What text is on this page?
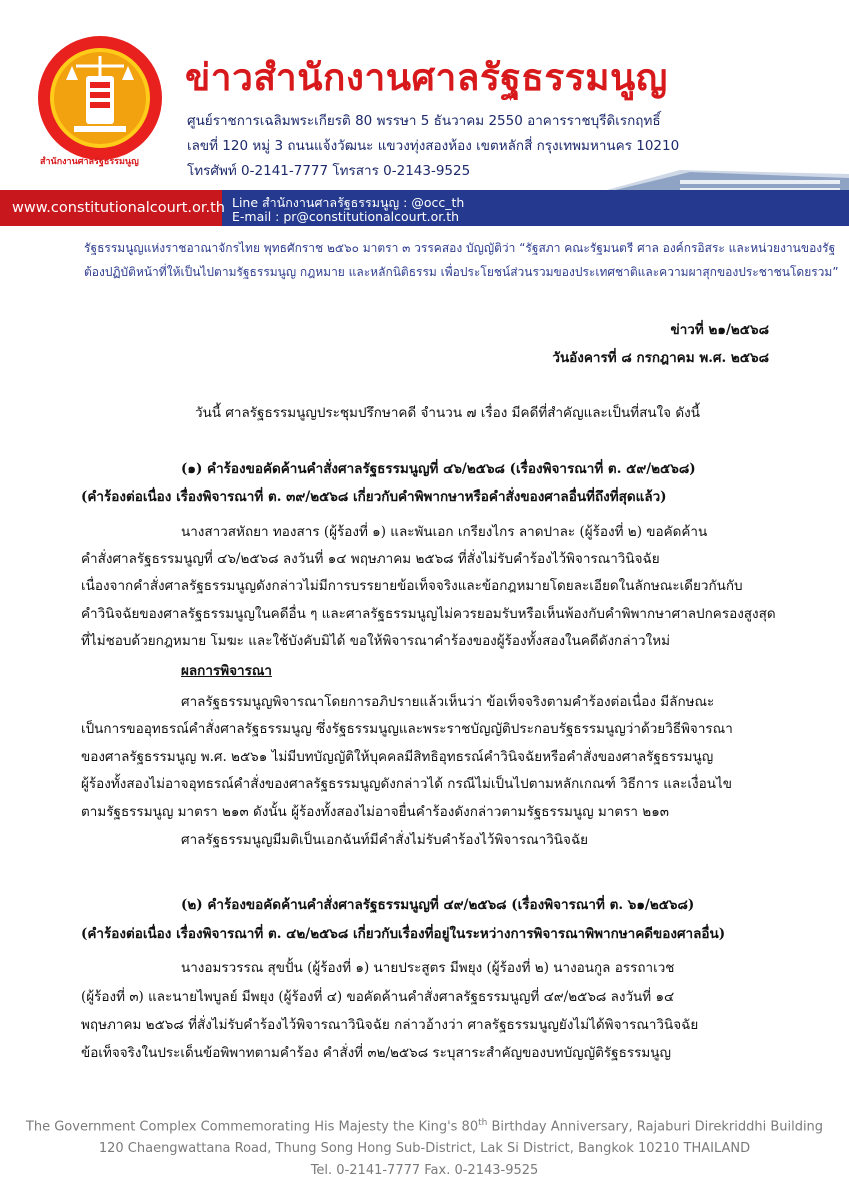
สำนักงานศาลรัฐธรรมนูญ
ข่าวสำนักงานศาลรัฐธรรมนูญ
ศูนย์ราชการเฉลิมพระเกียรติ 80 พรรษา 5 ธันวาคม 2550 อาคารราชบุรีดิเรกฤทธิ์
เลขที่ 120 หมู่ 3 ถนนแจ้งวัฒนะ แขวงทุ่งสองห้อง เขตหลักสี่ กรุงเทพมหานคร 10210
โทรศัพท์ 0-2141-7777 โทรสาร 0-2143-9525
www.constitutionalcourt.or.th Line สำนักงานศาลรัฐธรรมนูญ : @occ_th
E-mail : pr@constitutionalcourt.or.th
รัฐธรรมนูญแห่งราชอาณาจักรไทย พุทธศักราช ๒๕๖๐ มาตรา ๓ วรรคสอง บัญญัติว่า “รัฐสภา คณะรัฐมนตรี ศาล องค์กรอิสระ และหน่วยงานของรัฐ
ต้องปฏิบัติหน้าที่ให้เป็นไปตามรัฐธรรมนูญ กฎหมาย และหลักนิติธรรม เพื่อประโยชน์ส่วนรวมของประเทศชาติและความผาสุกของประชาชนโดยรวม”
ข่าวที่ ๒๑/๒๕๖๘
วันอังคารที่ ๘ กรกฎาคม พ.ศ. ๒๕๖๘
วันนี้ ศาลรัฐธรรมนูญประชุมปรึกษาคดี จำนวน ๗ เรื่อง มีคดีที่สำคัญและเป็นที่สนใจ ดังนี้
(๑) คำร้องขอคัดค้านคำสั่งศาลรัฐธรรมนูญที่ ๔๖/๒๕๖๘ (เรื่องพิจารณาที่ ต. ๕๙/๒๕๖๘)
(คำร้องต่อเนื่อง เรื่องพิจารณาที่ ต. ๓๙/๒๕๖๘ เกี่ยวกับคำพิพากษาหรือคำสั่งของศาลอื่นที่ถึงที่สุดแล้ว)
นางสาวสหัถยา ทองสาร (ผู้ร้องที่ ๑) และพันเอก เกรียงไกร ลาดปาละ (ผู้ร้องที่ ๒) ขอคัดค้าน
คำสั่งศาลรัฐธรรมนูญที่ ๔๖/๒๕๖๘ ลงวันที่ ๑๔ พฤษภาคม ๒๕๖๘ ที่สั่งไม่รับคำร้องไว้พิจารณาวินิจฉัย
เนื่องจากคำสั่งศาลรัฐธรรมนูญดังกล่าวไม่มีการบรรยายข้อเท็จจริงและข้อกฎหมายโดยละเอียดในลักษณะเดียวกันกับ
คำวินิจฉัยของศาลรัฐธรรมนูญในคดีอื่น ๆ และศาลรัฐธรรมนูญไม่ควรยอมรับหรือเห็นพ้องกับคำพิพากษาศาลปกครองสูงสุด
ที่ไม่ชอบด้วยกฎหมาย โมฆะ และใช้บังคับมิได้ ขอให้พิจารณาคำร้องของผู้ร้องทั้งสองในคดีดังกล่าวใหม่
ผลการพิจารณา
ศาลรัฐธรรมนูญพิจารณาโดยการอภิปรายแล้วเห็นว่า ข้อเท็จจริงตามคำร้องต่อเนื่อง มีลักษณะ
เป็นการขออุทธรณ์คำสั่งศาลรัฐธรรมนูญ ซึ่งรัฐธรรมนูญและพระราชบัญญัติประกอบรัฐธรรมนูญว่าด้วยวิธีพิจารณา
ของศาลรัฐธรรมนูญ พ.ศ. ๒๕๖๑ ไม่มีบทบัญญัติให้บุคคลมีสิทธิอุทธรณ์คำวินิจฉัยหรือคำสั่งของศาลรัฐธรรมนูญ
ผู้ร้องทั้งสองไม่อาจอุทธรณ์คำสั่งของศาลรัฐธรรมนูญดังกล่าวได้ กรณีไม่เป็นไปตามหลักเกณฑ์ วิธีการ และเงื่อนไข
ตามรัฐธรรมนูญ มาตรา ๒๑๓ ดังนั้น ผู้ร้องทั้งสองไม่อาจยื่นคำร้องดังกล่าวตามรัฐธรรมนูญ มาตรา ๒๑๓
ศาลรัฐธรรมนูญมีมติเป็นเอกฉันท์มีคำสั่งไม่รับคำร้องไว้พิจารณาวินิจฉัย
(๒) คำร้องขอคัดค้านคำสั่งศาลรัฐธรรมนูญที่ ๔๙/๒๕๖๘ (เรื่องพิจารณาที่ ต. ๖๑/๒๕๖๘)
(คำร้องต่อเนื่อง เรื่องพิจารณาที่ ต. ๔๒/๒๕๖๘ เกี่ยวกับเรื่องที่อยู่ในระหว่างการพิจารณาพิพากษาคดีของศาลอื่น)
นางอมรวรรณ สุขปั้น (ผู้ร้องที่ ๑) นายประสูตร มีพยุง (ผู้ร้องที่ ๒) นางอนกูล อรรถาเวช
(ผู้ร้องที่ ๓) และนายไพบูลย์ มีพยุง (ผู้ร้องที่ ๔) ขอคัดค้านคำสั่งศาลรัฐธรรมนูญที่ ๔๙/๒๕๖๘ ลงวันที่ ๑๔
พฤษภาคม ๒๕๖๘ ที่สั่งไม่รับคำร้องไว้พิจารณาวินิจฉัย กล่าวอ้างว่า ศาลรัฐธรรมนูญยังไม่ได้พิจารณาวินิจฉัย
ข้อเท็จจริงในประเด็นข้อพิพาทตามคำร้อง คำสั่งที่ ๓๒/๒๕๖๘ ระบุสาระสำคัญของบทบัญญัติรัฐธรรมนูญ
The Government Complex Commemorating His Majesty the King's 80th Birthday Anniversary, Rajaburi Direkriddhi Building
120 Chaengwattana Road, Thung Song Hong Sub-District, Lak Si District, Bangkok 10210 THAILAND
Tel. 0-2141-7777 Fax. 0-2143-9525
